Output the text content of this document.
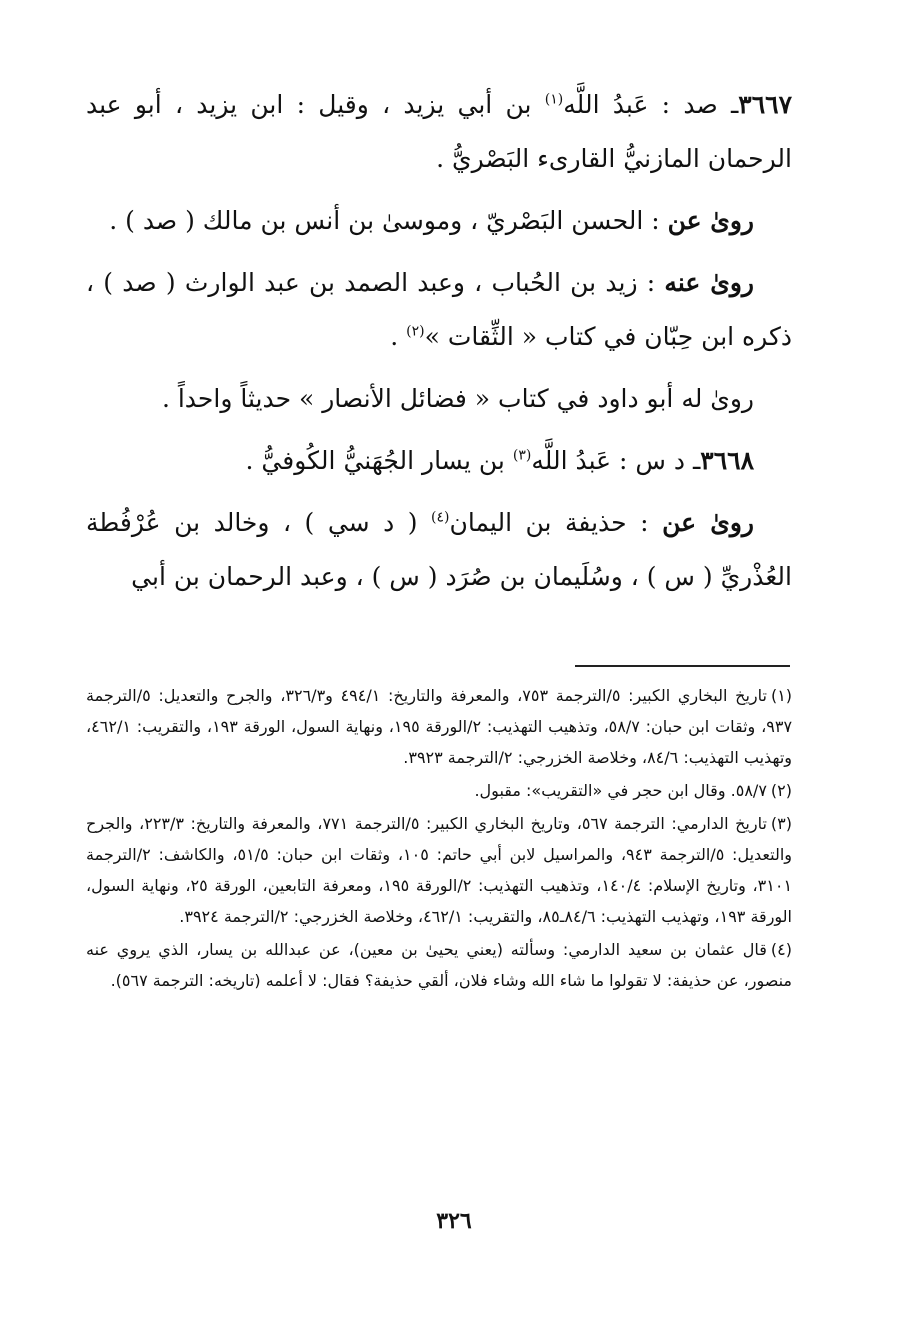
٣٦٦٧ـ صد : عَبدُ اللَّه$^{(١)}$ بن أبي يزيد ، وقيل : ابن يزيد ، أبو عبد الرحمان المازنيُّ القارىء البَصْريُّ .

روىٰ عن : الحسن البَصْريّ ، وموسىٰ بن أنس بن مالك ( صد ) .

روىٰ عنه : زيد بن الحُباب ، وعبد الصمد بن عبد الوارث ( صد ) ، ذكره ابن حِبّان في كتاب « الثِّقات »$^{(٢)}$ .

روىٰ له أبو داود في كتاب « فضائل الأنصار » حديثاً واحداً .

٣٦٦٨ـ د س : عَبدُ اللَّه$^{(٣)}$ بن يسار الجُهَنيُّ الكُوفيُّ .

روىٰ عن : حذيفة بن اليمان$^{(٤)}$ ( د سي ) ، وخالد بن عُرْفُطة العُذْريِّ ( س ) ، وسُلَيمان بن صُرَد ( س ) ، وعبد الرحمان بن أبي

(١)تاريخ البخاري الكبير: ٥/الترجمة ٧٥٣، والمعرفة والتاريخ: ٤٩٤/١ و٣٢٦/٣، والجرح والتعديل: ٥/الترجمة ٩٣٧، وثقات ابن حبان: ٥٨/٧، وتذهيب التهذيب: ٢/الورقة ١٩٥، ونهاية السول، الورقة ١٩٣، والتقريب: ٤٦٢/١، وتهذيب التهذيب: ٨٤/٦، وخلاصة الخزرجي: ٢/الترجمة ٣٩٢٣.
(٢)٥٨/٧. وقال ابن حجر في «التقريب»: مقبول.
(٣)تاريخ الدارمي: الترجمة ٥٦٧، وتاريخ البخاري الكبير: ٥/الترجمة ٧٧١، والمعرفة والتاريخ: ٢٢٣/٣، والجرح والتعديل: ٥/الترجمة ٩٤٣، والمراسيل لابن أبي حاتم: ١٠٥، وثقات ابن حبان: ٥١/٥، والكاشف: ٢/الترجمة ٣١٠١، وتاريخ الإسلام: ١٤٠/٤، وتذهيب التهذيب: ٢/الورقة ١٩٥، ومعرفة التابعين، الورقة ٢٥، ونهاية السول، الورقة ١٩٣، وتهذيب التهذيب: ٨٤/٦ـ٨٥، والتقريب: ٤٦٢/١، وخلاصة الخزرجي: ٢/الترجمة ٣٩٢٤.
(٤)قال عثمان بن سعيد الدارمي: وسألته (يعني يحيىٰ بن معين)، عن عبدالله بن يسار، الذي يروي عنه منصور، عن حذيفة: لا تقولوا ما شاء الله وشاء فلان، ألقي حذيفة؟ فقال: لا أعلمه (تاريخه: الترجمة ٥٦٧).
٣٢٦
